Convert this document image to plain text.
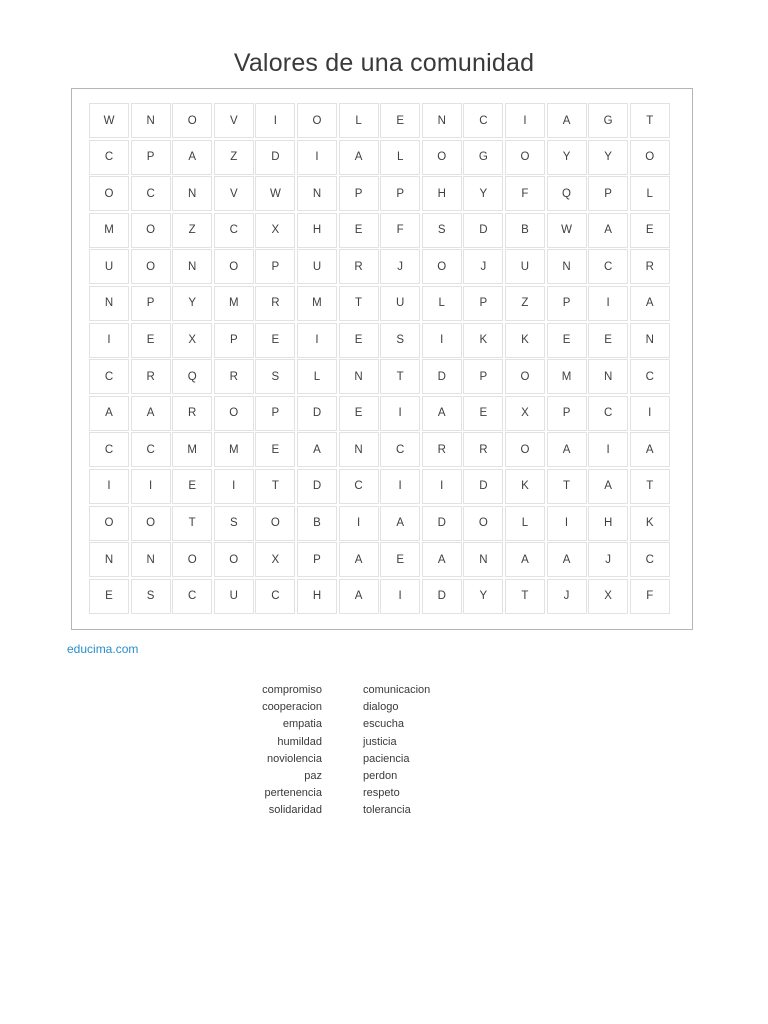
Valores de una comunidad
W	N	O	V	I	O	L	E	N	C	I	A	G	T
C	P	A	Z	D	I	A	L	O	G	O	Y	Y	O
O	C	N	V	W	N	P	P	H	Y	F	Q	P	L
M	O	Z	C	X	H	E	F	S	D	B	W	A	E
U	O	N	O	P	U	R	J	O	J	U	N	C	R
N	P	Y	M	R	M	T	U	L	P	Z	P	I	A
I	E	X	P	E	I	E	S	I	K	K	E	E	N
C	R	Q	R	S	L	N	T	D	P	O	M	N	C
A	A	R	O	P	D	E	I	A	E	X	P	C	I
C	C	M	M	E	A	N	C	R	R	O	A	I	A
I	I	E	I	T	D	C	I	I	D	K	T	A	T
O	O	T	S	O	B	I	A	D	O	L	I	H	K
N	N	O	O	X	P	A	E	A	N	A	A	J	C
E	S	C	U	C	H	A	I	D	Y	T	J	X	F
educima.com
compromiso
cooperacion
empatia
humildad
noviolencia
paz
pertenencia
solidaridad
comunicacion
dialogo
escucha
justicia
paciencia
perdon
respeto
tolerancia
